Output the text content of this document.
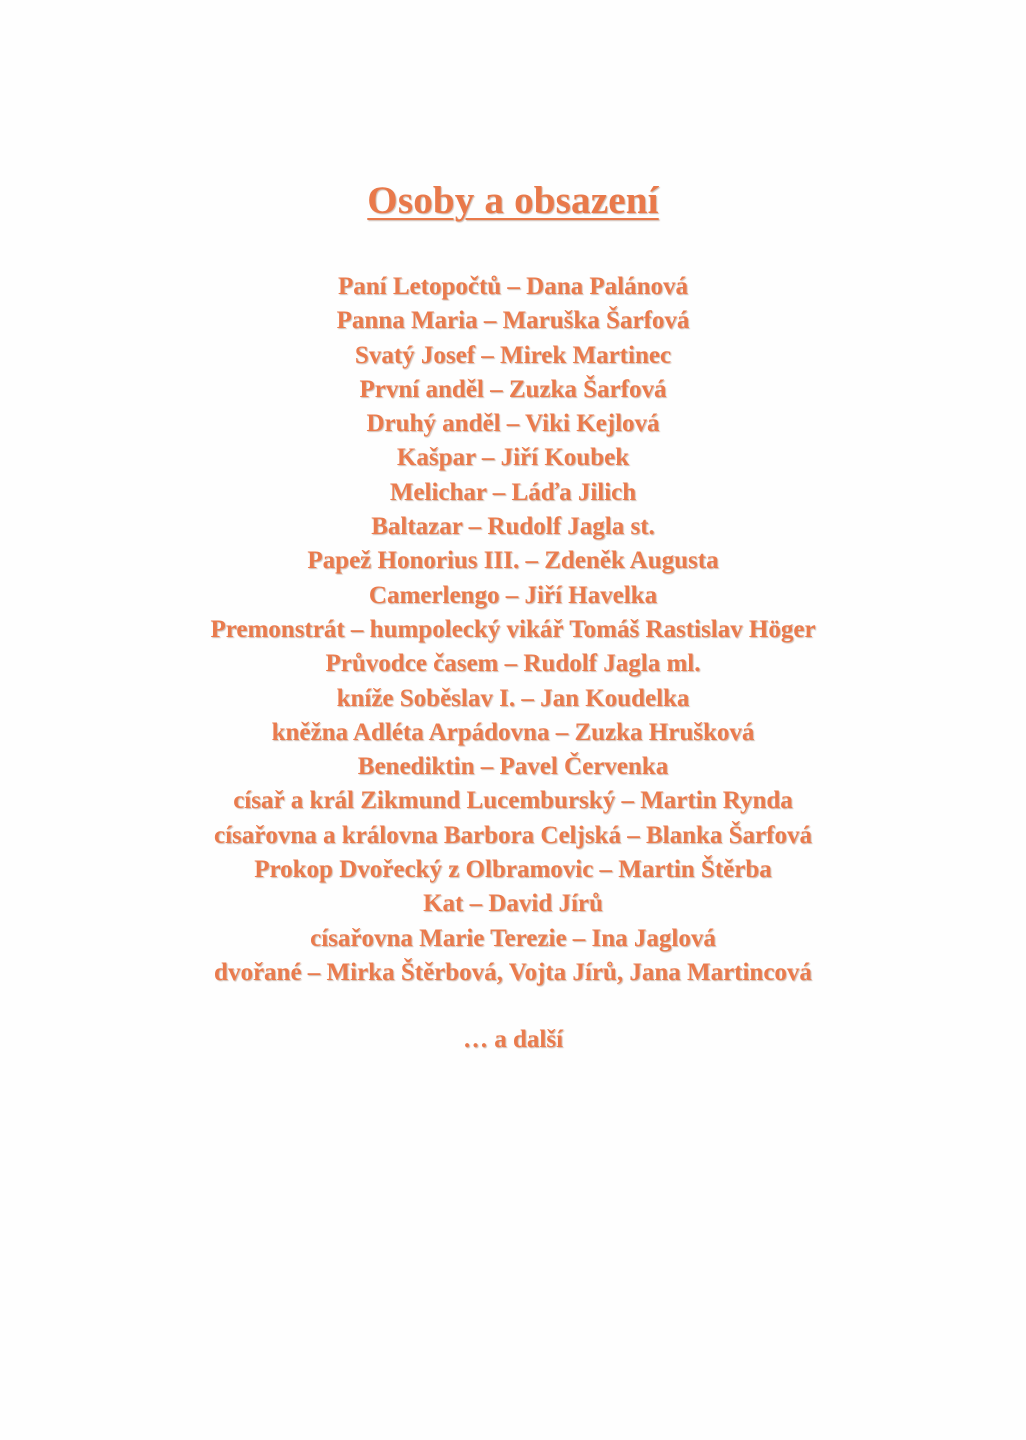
Osoby a obsazení
Paní Letopočtů – Dana Palánová
Panna Maria – Maruška Šarfová
Svatý Josef – Mirek Martinec
První anděl – Zuzka Šarfová
Druhý anděl – Viki Kejlová
Kašpar – Jiří Koubek
Melichar – Láďa Jilich
Baltazar – Rudolf Jagla st.
Papež Honorius III. – Zdeněk Augusta
Camerlengo – Jiří Havelka
Premonstrát – humpolecký vikář Tomáš Rastislav Höger
Průvodce časem – Rudolf Jagla ml.
kníže Soběslav I. – Jan Koudelka
kněžna Adléta Arpádovna – Zuzka Hrušková
Benediktin – Pavel Červenka
císař a král Zikmund Lucemburský – Martin Rynda
císařovna a královna Barbora Celjská – Blanka Šarfová
Prokop Dvořecký z Olbramovic – Martin Štěrba
Kat – David Jírů
císařovna Marie Terezie – Ina Jaglová
dvořané – Mirka Štěrbová, Vojta Jírů, Jana Martincová
… a další
